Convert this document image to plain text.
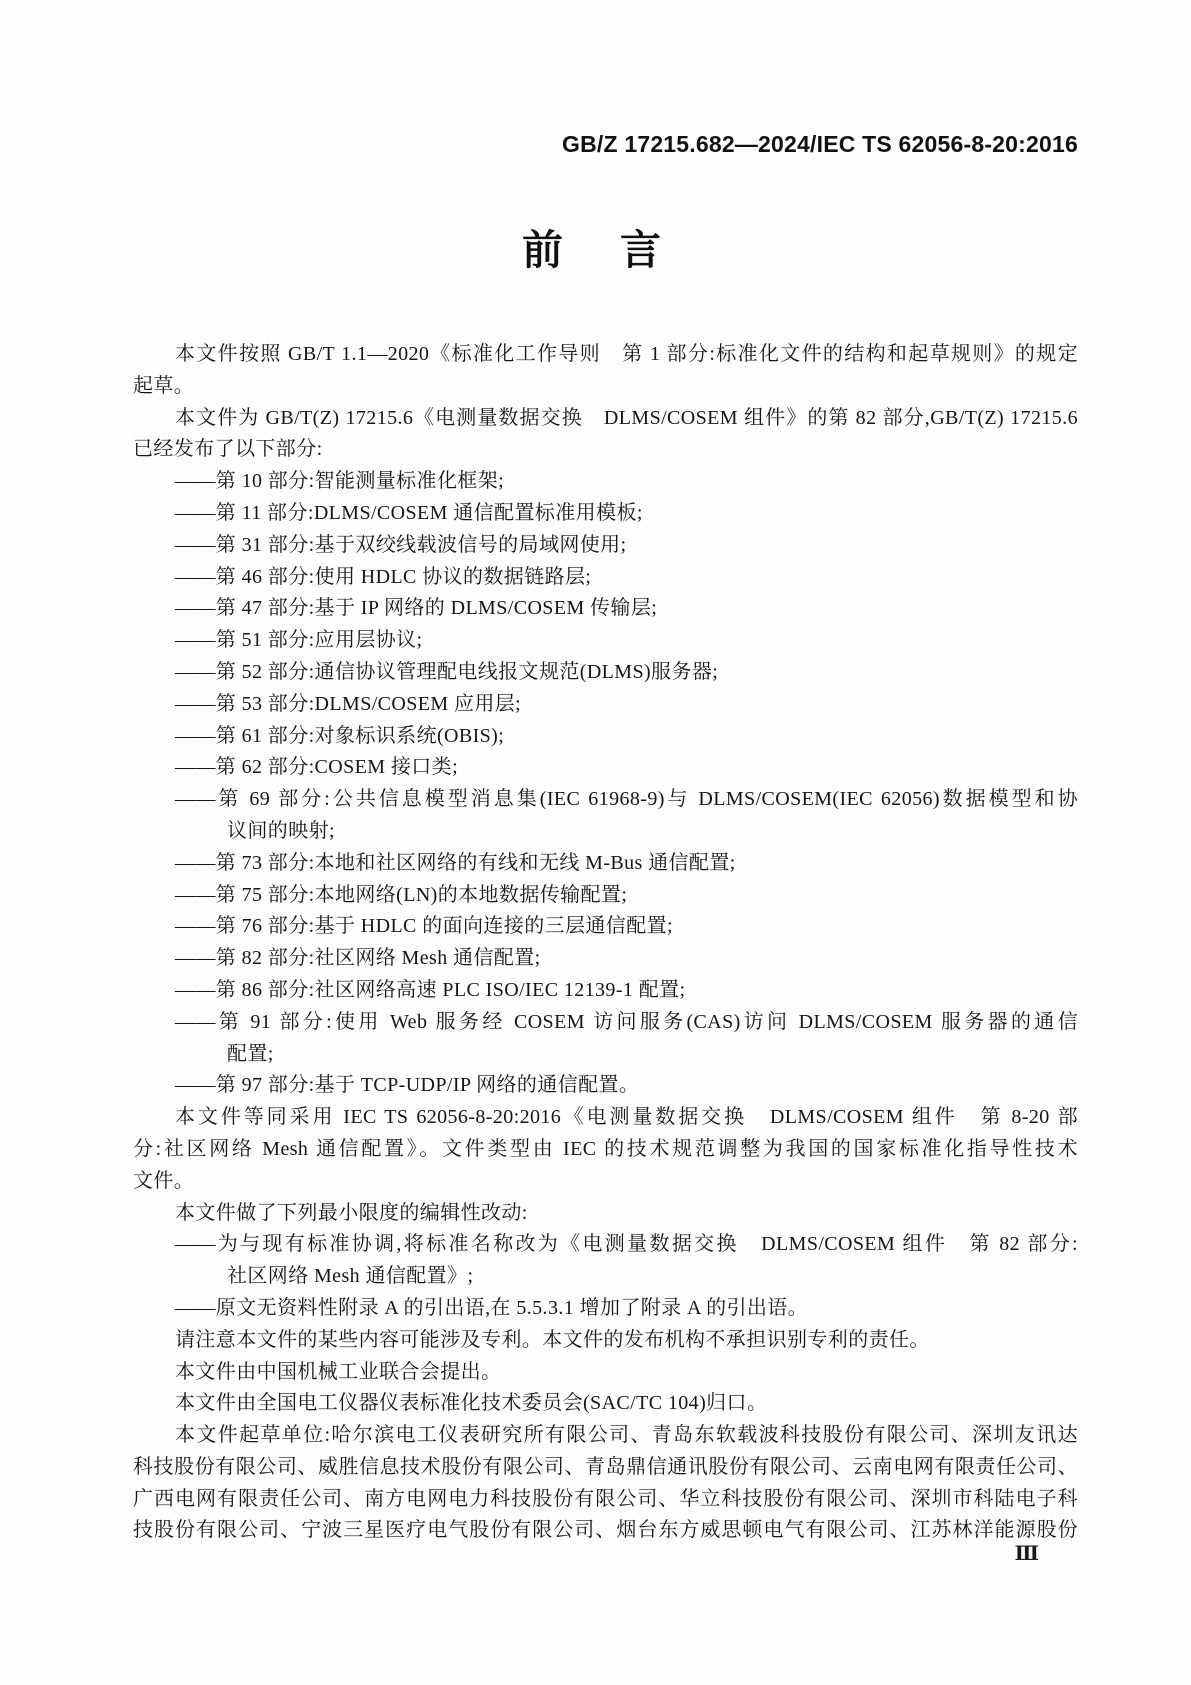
GB/Z 17215.682—2024/IEC TS 62056-8-20:2016
前　言
本文件按照 GB/T 1.1—2020《标准化工作导则　第 1 部分:标准化文件的结构和起草规则》的规定
起草。
本文件为 GB/T(Z) 17215.6《电测量数据交换　DLMS/COSEM 组件》的第 82 部分,GB/T(Z) 17215.6
已经发布了以下部分:
——第 10 部分:智能测量标准化框架;
——第 11 部分:DLMS/COSEM 通信配置标准用模板;
——第 31 部分:基于双绞线载波信号的局域网使用;
——第 46 部分:使用 HDLC 协议的数据链路层;
——第 47 部分:基于 IP 网络的 DLMS/COSEM 传输层;
——第 51 部分:应用层协议;
——第 52 部分:通信协议管理配电线报文规范(DLMS)服务器;
——第 53 部分:DLMS/COSEM 应用层;
——第 61 部分:对象标识系统(OBIS);
——第 62 部分:COSEM 接口类;
——第 69 部分:公共信息模型消息集(IEC 61968-9)与 DLMS/COSEM(IEC 62056)数据模型和协
议间的映射;
——第 73 部分:本地和社区网络的有线和无线 M-Bus 通信配置;
——第 75 部分:本地网络(LN)的本地数据传输配置;
——第 76 部分:基于 HDLC 的面向连接的三层通信配置;
——第 82 部分:社区网络 Mesh 通信配置;
——第 86 部分:社区网络高速 PLC ISO/IEC 12139-1 配置;
——第 91 部分:使用 Web 服务经 COSEM 访问服务(CAS)访问 DLMS/COSEM 服务器的通信
配置;
——第 97 部分:基于 TCP-UDP/IP 网络的通信配置。
本文件等同采用 IEC TS 62056-8-20:2016《电测量数据交换　DLMS/COSEM 组件　第 8-20 部
分:社区网络 Mesh 通信配置》。文件类型由 IEC 的技术规范调整为我国的国家标准化指导性技术
文件。
本文件做了下列最小限度的编辑性改动:
——为与现有标准协调,将标准名称改为《电测量数据交换　DLMS/COSEM 组件　第 82 部分:
社区网络 Mesh 通信配置》;
——原文无资料性附录 A 的引出语,在 5.5.3.1 增加了附录 A 的引出语。
请注意本文件的某些内容可能涉及专利。本文件的发布机构不承担识别专利的责任。
本文件由中国机械工业联合会提出。
本文件由全国电工仪器仪表标准化技术委员会(SAC/TC 104)归口。
本文件起草单位:哈尔滨电工仪表研究所有限公司、青岛东软载波科技股份有限公司、深圳友讯达
科技股份有限公司、威胜信息技术股份有限公司、青岛鼎信通讯股份有限公司、云南电网有限责任公司、
广西电网有限责任公司、南方电网电力科技股份有限公司、华立科技股份有限公司、深圳市科陆电子科
技股份有限公司、宁波三星医疗电气股份有限公司、烟台东方威思顿电气有限公司、江苏林洋能源股份
Ⅲ
